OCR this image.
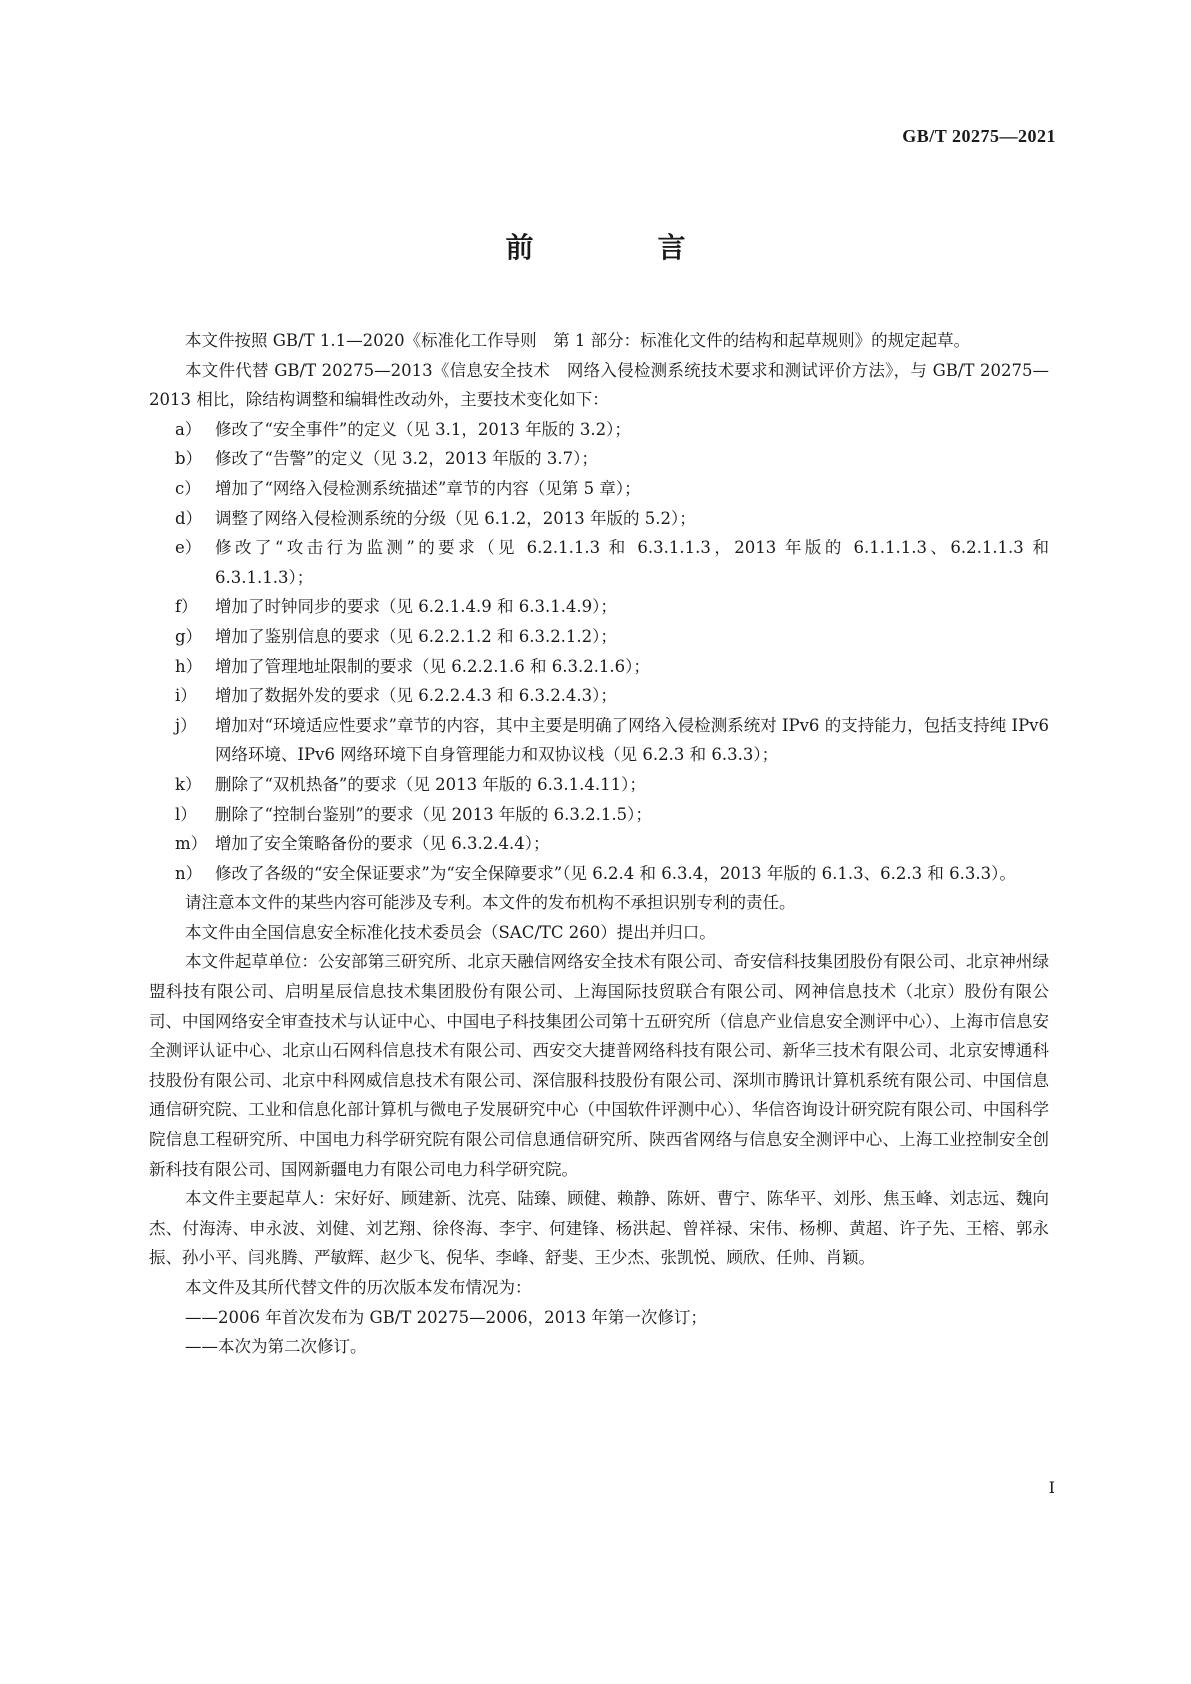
GB/T 20275—2021
前　言

本文件按照 GB/T 1.1—2020《标准化工作导则　第 1 部分：标准化文件的结构和起草规则》的规定起草。

本文件代替 GB/T 20275—2013《信息安全技术　网络入侵检测系统技术要求和测试评价方法》，与 GB/T 20275—2013 相比，除结构调整和编辑性改动外，主要技术变化如下：

a） 修改了“安全事件”的定义（见 3.1，2013 年版的 3.2）；
b） 修改了“告警”的定义（见 3.2，2013 年版的 3.7）；
c） 增加了“网络入侵检测系统描述”章节的内容（见第 5 章）；
d） 调整了网络入侵检测系统的分级（见 6.1.2，2013 年版的 5.2）；
e） 修改了“攻击行为监测”的要求（见 6.2.1.1.3 和 6.3.1.1.3，2013 年版的 6.1.1.1.3、6.2.1.1.3 和 6.3.1.1.3）；
f）	增加了时钟同步的要求（见 6.2.1.4.9 和 6.3.1.4.9）；
g） 增加了鉴别信息的要求（见 6.2.2.1.2 和 6.3.2.1.2）；
h） 增加了管理地址限制的要求（见 6.2.2.1.6 和 6.3.2.1.6）；
i）	增加了数据外发的要求（见 6.2.2.4.3 和 6.3.2.4.3）；
j）	增加对“环境适应性要求”章节的内容，其中主要是明确了网络入侵检测系统对 IPv6 的支持能力，包括支持纯 IPv6 网络环境、IPv6 网络环境下自身管理能力和双协议栈（见 6.2.3 和 6.3.3）；
k） 删除了“双机热备”的要求（见 2013 年版的 6.3.1.4.11）；
l）	删除了“控制台鉴别”的要求（见 2013 年版的 6.3.2.1.5）；
m） 增加了安全策略备份的要求（见 6.3.2.4.4）；
n） 修改了各级的“安全保证要求”为“安全保障要求”（见 6.2.4 和 6.3.4，2013 年版的 6.1.3、6.2.3 和 6.3.3）。

请注意本文件的某些内容可能涉及专利。本文件的发布机构不承担识别专利的责任。

本文件由全国信息安全标准化技术委员会（SAC/TC 260）提出并归口。

本文件起草单位：公安部第三研究所、北京天融信网络安全技术有限公司、奇安信科技集团股份有限公司、北京神州绿盟科技有限公司、启明星辰信息技术集团股份有限公司、上海国际技贸联合有限公司、网神信息技术（北京）股份有限公司、中国网络安全审查技术与认证中心、中国电子科技集团公司第十五研究所（信息产业信息安全测评中心）、上海市信息安全测评认证中心、北京山石网科信息技术有限公司、西安交大捷普网络科技有限公司、新华三技术有限公司、北京安博通科技股份有限公司、北京中科网威信息技术有限公司、深信服科技股份有限公司、深圳市腾讯计算机系统有限公司、中国信息通信研究院、工业和信息化部计算机与微电子发展研究中心（中国软件评测中心）、华信咨询设计研究院有限公司、中国科学院信息工程研究所、中国电力科学研究院有限公司信息通信研究所、陕西省网络与信息安全测评中心、上海工业控制安全创新科技有限公司、国网新疆电力有限公司电力科学研究院。

本文件主要起草人：宋好好、顾建新、沈亮、陆臻、顾健、赖静、陈妍、曹宁、陈华平、刘彤、焦玉峰、刘志远、魏向杰、付海涛、申永波、刘健、刘艺翔、徐佟海、李宇、何建锋、杨洪起、曾祥禄、宋伟、杨柳、黄超、许子先、王榕、郭永振、孙小平、闫兆腾、严敏辉、赵少飞、倪华、李峰、舒斐、王少杰、张凯悦、顾欣、任帅、肖颖。

本文件及其所代替文件的历次版本发布情况为：

——2006 年首次发布为 GB/T 20275—2006，2013 年第一次修订；

——本次为第二次修订。

I
